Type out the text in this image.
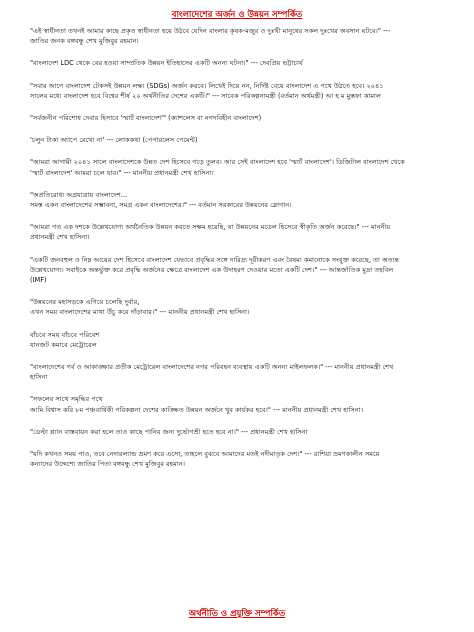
বাংলাদেশের অর্জন ও উন্নয়ন সম্পর্কিত
"এই স্বাধীনতা তখনই আমার কাছে প্রকৃত স্বাধীনতা হয়ে উঠবে যেদিন বাংলার কৃষক-মজুর ও দুঃখী মানুষের সকল দুঃখের অবসান ঘটবে।" ---
জাতির জনক বঙ্গবন্ধু শেখ মুজিবুর রহমান।
"বাংলাদেশ LDC থেকে বের হওয়া সাম্প্রতিক উন্নয়ন ইতিহাসের একটি অনন্য ঘটনা।" --- দেবপ্রিয় ভট্টাচার্য
"সবার আগে বাংলাদেশ টেকসই উন্নয়ন লক্ষ্য (SDGs) অর্জন করবে। লিখেই দিয়ে নন, নির্দিষ্ট বেয়ে বাংলাদেশ এ পথে উঠতে হবে। ২০৪১
সালের মধ্যে বাংলাদেশ হবে বিশ্বের শীর্ষ ২০ অর্থনীতির দেশের একটি।" --- সাবেক পরিকল্পনামন্ত্রী (বর্তমান অর্থমন্ত্রী) আ হ ম মুস্তফা কামাল
"সর্বজনীন পরিশোধ দেবার হিসাবে 'স্মার্ট বাংলাদেশ'" (ক্যাশলেস বা নগদবিহীন বাংলাদেশ)
'চলুন টাকা অ্যাপে রেখো না' --- লোককথা (পেপারলেস পেমেন্ট)
"আমরা আগামী ২০৪১ সালে বাংলাদেশকে উন্নত দেশ হিসেবে গড়ে তুলব। আর সেই বাংলাদেশ হবে 'স্মার্ট বাংলাদেশ'। ডিজিটাল বাংলাদেশ থেকে
'স্মার্ট বাংলাদেশ' আমরা চলে যাব।" --- মাননীয় প্রধানমন্ত্রী শেখ হাসিনা।
"অপ্রতিরোধ্য অগ্রযাত্রায় বাংলাদেশ...
সমস্ত একন বাংলাদেশের সম্ভাবনা, সমগ্র একন বাংলাদেশের।" --- বর্তমান সরকারের উন্নয়নের স্লোগান।
"আমরা গত এক দশকে উল্লেখযোগ্য অর্থনৈতিক উন্নয়ন করতে সক্ষম হয়েছি, যা উন্নয়নের মডেল হিসেবে স্বীকৃতি অর্জন করেছে।" --- মাননীয়
প্রধানমন্ত্রী শেখ হাসিনা।
"একটি জনবহুল ও নিম্ন আয়ের দেশ হিসেবে বাংলাদেশ যেভাবে প্রবৃদ্ধির সঙ্গে দারিদ্র্য দূরীকরণ এবং বৈষম্য কমানোকে সংযুক্ত করেছে, তা অত্যন্ত
উল্লেখযোগ্য। সবাইকে অন্তর্ভুক্ত করে প্রবৃদ্ধি অর্জনের ক্ষেত্রে বাংলাদেশ এক উদাহরণ দেওয়ার মতো একটি দেশ।" --- আন্তর্জাতিক মুদ্রা তহবিল
(IMF)
"উন্নয়নের মহাসড়কে এগিয়ে চলেছি দুর্বার,
এখন সময় বাংলাদেশের মাথা উঁচু করে দাঁড়াবার।" --- মাননীয় প্রধানমন্ত্রী শেখ হাসিনা।
বাঁচবে সময় বাঁচবে পরিবেশ
যানজট কমাবে মেট্রোরেল
"বাংলাদেশের গর্ব ও আকাঙ্ক্ষার প্রতীক মেট্রোরেল বাংলাদেশের নগর পরিবহন ব্যবস্থায় একটি অনন্য মাইলফলক।" --- মাননীয় প্রধানমন্ত্রী শেখ
হাসিনা
"সফলের সাথে সমৃদ্ধির পথে
আমি বিশ্বাস করি ৮ম পঞ্চবার্ষিকী পরিকল্পনা দেশের কাঙ্ক্ষিত উন্নয়ন অর্জনে খুব কার্যকর হবে।" --- মাননীয় প্রধানমন্ত্রী শেখ হাসিনা।
"ডেল্টা প্ল্যান বাস্তবায়ন করা হলে তাও কাছে পানির জন্য দুর্ভোগশ্রী হতে হবে না।" --- প্রধানমন্ত্রী শেখ হাসিনা
"যদি কখনও সময় পাও, তবে নেদারল্যান্ড ভ্রমণ করে এসো, তাহলে বুঝবে আমাদের মতই নদীমাতৃক দেশ।" --- রাশিয়া ভ্রমণকালীন সময়ে
কন্যাদের উদ্দেশ্যে জাতির পিতা বঙ্গবন্ধু শেখ মুজিবুর রহমান।
অর্থনীতি ও প্রযুক্তি সম্পর্কিত
